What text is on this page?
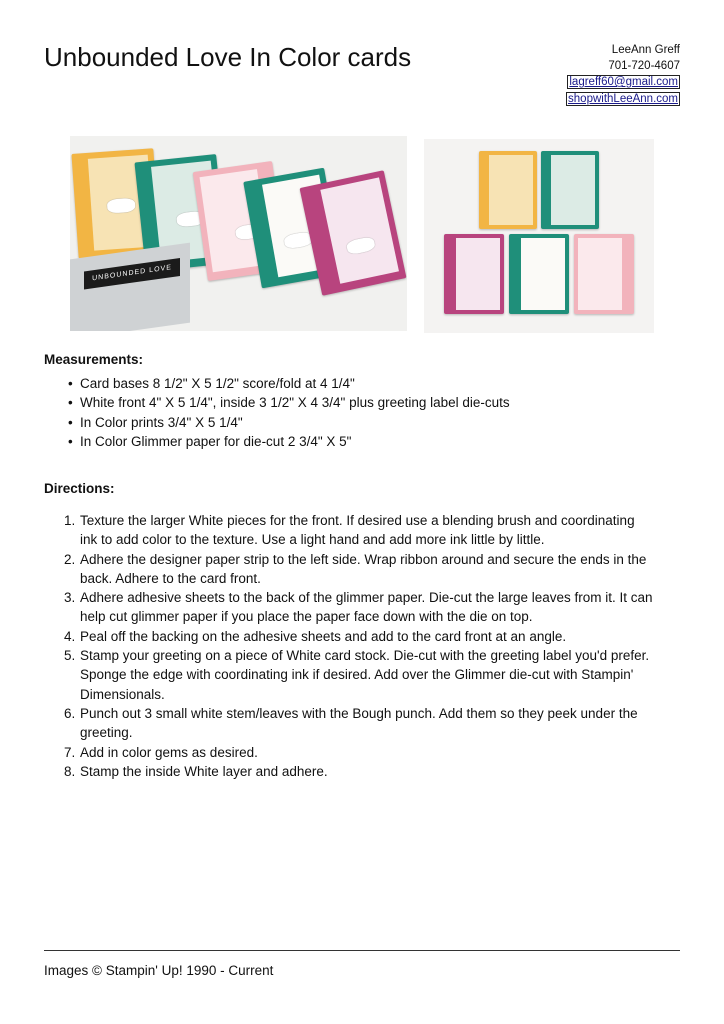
Unbounded Love In Color cards	LeeAnn Greff
701-720-4607
lagreff60@gmail.com
shopwithLeeAnn.com
UNBOUNDED LOVE
Measurements:
• Card bases 8 1/2" X 5 1/2" score/fold at 4 1/4"
• White front 4" X 5 1/4", inside 3 1/2" X 4 3/4" plus greeting label die-cuts
• In Color prints 3/4" X 5 1/4"
• In Color Glimmer paper for die-cut 2 3/4" X 5"
Directions:
Texture the larger White pieces for the front. If desired use a blending brush and coordinating ink to add color to the texture. Use a light hand and add more ink little by little.
Adhere the designer paper strip to the left side. Wrap ribbon around and secure the ends in the back. Adhere to the card front.
Adhere adhesive sheets to the back of the glimmer paper. Die-cut the large leaves from it. It can help cut glimmer paper if you place the paper face down with the die on top.
Peal off the backing on the adhesive sheets and add to the card front at an angle.
Stamp your greeting on a piece of White card stock. Die-cut with the greeting label you'd prefer. Sponge the edge with coordinating ink if desired. Add over the Glimmer die-cut with Stampin' Dimensionals.
Punch out 3 small white stem/leaves with the Bough punch. Add them so they peek under the greeting.
Add in color gems as desired.
Stamp the inside White layer and adhere.
Images © Stampin' Up! 1990 - Current
